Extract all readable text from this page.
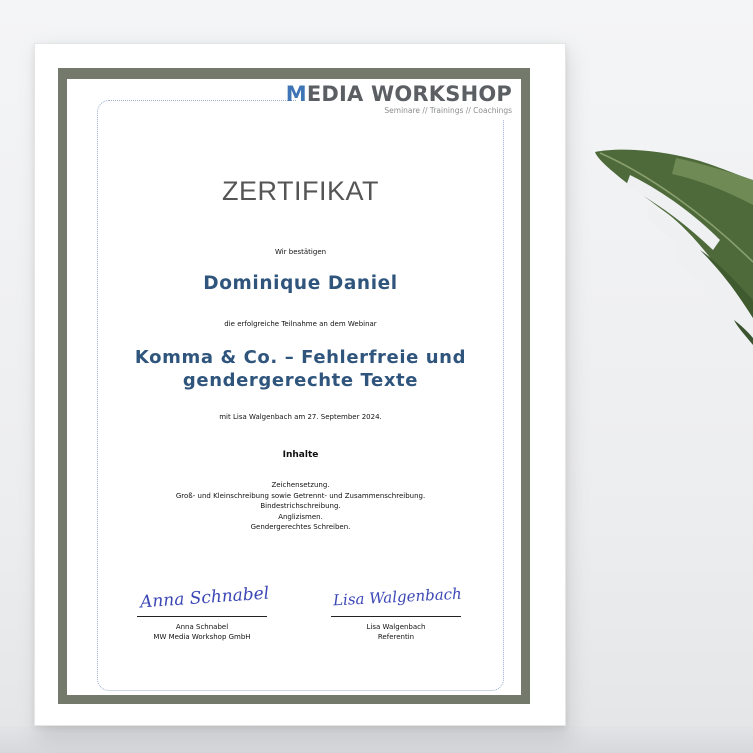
MEDIA WORKSHOP
Seminare // Trainings // Coachings
ZERTIFIKAT
Wir bestätigen
Dominique Daniel
die erfolgreiche Teilnahme an dem Webinar
Komma & Co. – Fehlerfreie und
gendergerechte Texte
mit Lisa Walgenbach am 27. September 2024.
Inhalte
Zeichensetzung.
Groß- und Kleinschreibung sowie Getrennt- und Zusammenschreibung.
Bindestrichschreibung.
Anglizismen.
Gendergerechtes Schreiben.
Anna Schnabel
Anna Schnabel
MW Media Workshop GmbH
Lisa Walgenbach
Lisa Walgenbach
Referentin
